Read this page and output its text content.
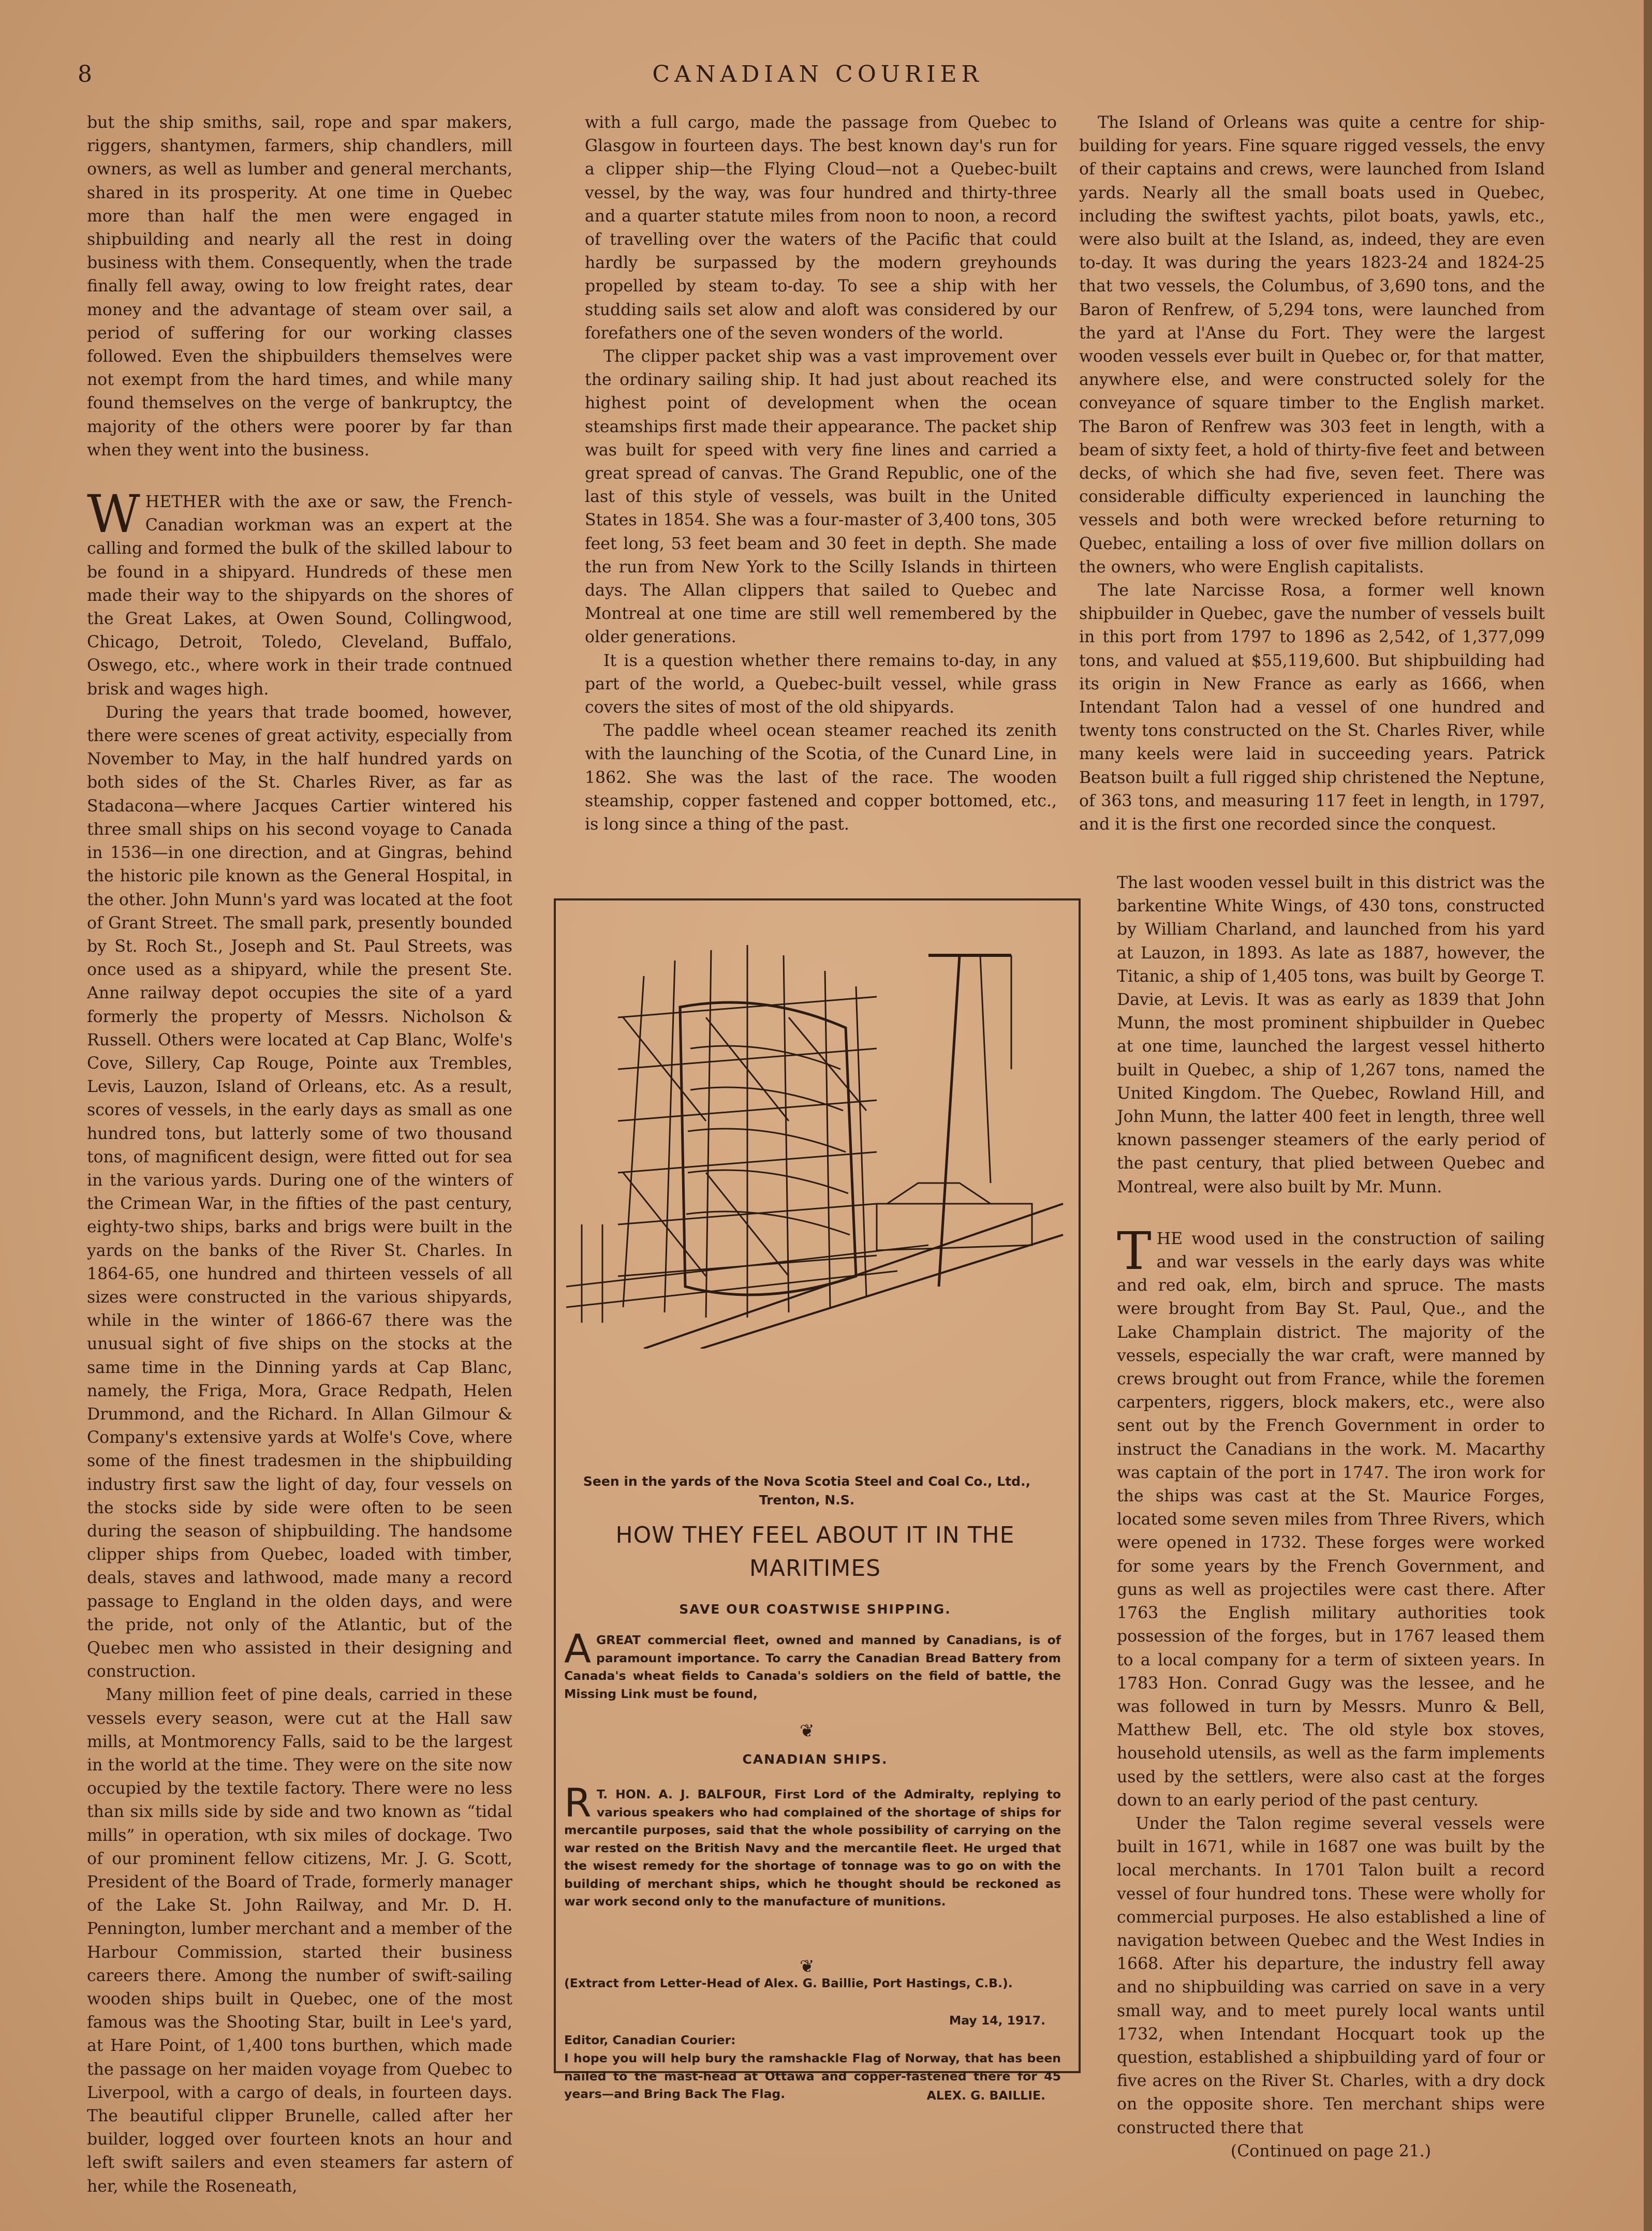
8	CANADIAN COURIER

but the ship smiths, sail, rope and spar makers, riggers, shantymen, farmers, ship chandlers, mill owners, as well as lumber and general merchants, shared in its prosperity. At one time in Quebec more than half the men were engaged in shipbuilding and nearly all the rest in doing business with them. Consequently, when the trade finally fell away, owing to low freight rates, dear money and the advantage of steam over sail, a period of suffering for our working classes followed. Even the shipbuilders themselves were not exempt from the hard times, and while many found themselves on the verge of bankruptcy, the majority of the others were poorer by far than when they went into the business.

WHETHER with the axe or saw, the French-Canadian workman was an expert at the calling and formed the bulk of the skilled labour to be found in a shipyard. Hundreds of these men made their way to the shipyards on the shores of the Great Lakes, at Owen Sound, Collingwood, Chicago, Detroit, Toledo, Cleveland, Buffalo, Oswego, etc., where work in their trade contnued brisk and wages high.

During the years that trade boomed, however, there were scenes of great activity, especially from November to May, in the half hundred yards on both sides of the St. Charles River, as far as Stadacona—where Jacques Cartier wintered his three small ships on his second voyage to Canada in 1536—in one direction, and at Gingras, behind the historic pile known as the General Hospital, in the other. John Munn's yard was located at the foot of Grant Street. The small park, presently bounded by St. Roch St., Joseph and St. Paul Streets, was once used as a shipyard, while the present Ste. Anne railway depot occupies the site of a yard formerly the property of Messrs. Nicholson & Russell. Others were located at Cap Blanc, Wolfe's Cove, Sillery, Cap Rouge, Pointe aux Trembles, Levis, Lauzon, Island of Orleans, etc. As a result, scores of vessels, in the early days as small as one hundred tons, but latterly some of two thousand tons, of magnificent design, were fitted out for sea in the various yards. During one of the winters of the Crimean War, in the fifties of the past century, eighty-two ships, barks and brigs were built in the yards on the banks of the River St. Charles. In 1864-65, one hundred and thirteen vessels of all sizes were constructed in the various shipyards, while in the winter of 1866-67 there was the unusual sight of five ships on the stocks at the same time in the Dinning yards at Cap Blanc, namely, the Friga, Mora, Grace Redpath, Helen Drummond, and the Richard. In Allan Gilmour & Company's extensive yards at Wolfe's Cove, where some of the finest tradesmen in the shipbuilding industry first saw the light of day, four vessels on the stocks side by side were often to be seen during the season of shipbuilding. The handsome clipper ships from Quebec, loaded with timber, deals, staves and lathwood, made many a record passage to England in the olden days, and were the pride, not only of the Atlantic, but of the Quebec men who assisted in their designing and construction.

Many million feet of pine deals, carried in these vessels every season, were cut at the Hall saw mills, at Montmorency Falls, said to be the largest in the world at the time. They were on the site now occupied by the textile factory. There were no less than six mills side by side and two known as “tidal mills” in operation, wth six miles of dockage. Two of our prominent fellow citizens, Mr. J. G. Scott, President of the Board of Trade, formerly manager of the Lake St. John Railway, and Mr. D. H. Pennington, lumber merchant and a member of the Harbour Commission, started their business careers there. Among the number of swift-sailing wooden ships built in Quebec, one of the most famous was the Shooting Star, built in Lee's yard, at Hare Point, of 1,400 tons burthen, which made the passage on her maiden voyage from Quebec to Liverpool, with a cargo of deals, in fourteen days. The beautiful clipper Brunelle, called after her builder, logged over fourteen knots an hour and left swift sailers and even steamers far astern of her, while the Roseneath,

with a full cargo, made the passage from Quebec to Glasgow in fourteen days. The best known day's run for a clipper ship—the Flying Cloud—not a Quebec-built vessel, by the way, was four hundred and thirty-three and a quarter statute miles from noon to noon, a record of travelling over the waters of the Pacific that could hardly be surpassed by the modern greyhounds propelled by steam to-day. To see a ship with her studding sails set alow and aloft was considered by our forefathers one of the seven wonders of the world.

The clipper packet ship was a vast improvement over the ordinary sailing ship. It had just about reached its highest point of development when the ocean steamships first made their appearance. The packet ship was built for speed with very fine lines and carried a great spread of canvas. The Grand Republic, one of the last of this style of vessels, was built in the United States in 1854. She was a four-master of 3,400 tons, 305 feet long, 53 feet beam and 30 feet in depth. She made the run from New York to the Scilly Islands in thirteen days. The Allan clippers that sailed to Quebec and Montreal at one time are still well remembered by the older generations.

It is a question whether there remains to-day, in any part of the world, a Quebec-built vessel, while grass covers the sites of most of the old shipyards.

The paddle wheel ocean steamer reached its zenith with the launching of the Scotia, of the Cunard Line, in 1862. She was the last of the race. The wooden steamship, copper fastened and copper bottomed, etc., is long since a thing of the past.

The Island of Orleans was quite a centre for ship-building for years. Fine square rigged vessels, the envy of their captains and crews, were launched from Island yards. Nearly all the small boats used in Quebec, including the swiftest yachts, pilot boats, yawls, etc., were also built at the Island, as, indeed, they are even to-day. It was during the years 1823-24 and 1824-25 that two vessels, the Columbus, of 3,690 tons, and the Baron of Renfrew, of 5,294 tons, were launched from the yard at l'Anse du Fort. They were the largest wooden vessels ever built in Quebec or, for that matter, anywhere else, and were constructed solely for the conveyance of square timber to the English market. The Baron of Renfrew was 303 feet in length, with a beam of sixty feet, a hold of thirty-five feet and between decks, of which she had five, seven feet. There was considerable difficulty experienced in launching the vessels and both were wrecked before returning to Quebec, entailing a loss of over five million dollars on the owners, who were English capitalists.

The late Narcisse Rosa, a former well known shipbuilder in Quebec, gave the number of vessels built in this port from 1797 to 1896 as 2,542, of 1,377,099 tons, and valued at $55,119,600. But shipbuilding had its origin in New France as early as 1666, when Intendant Talon had a vessel of one hundred and twenty tons constructed on the St. Charles River, while many keels were laid in succeeding years. Patrick Beatson built a full rigged ship christened the Neptune, of 363 tons, and measuring 117 feet in length, in 1797, and it is the first one recorded since the conquest.

The last wooden vessel built in this district was the barkentine White Wings, of 430 tons, constructed by William Charland, and launched from his yard at Lauzon, in 1893. As late as 1887, however, the Titanic, a ship of 1,405 tons, was built by George T. Davie, at Levis. It was as early as 1839 that John Munn, the most prominent shipbuilder in Quebec at one time, launched the largest vessel hitherto built in Quebec, a ship of 1,267 tons, named the United Kingdom. The Quebec, Rowland Hill, and John Munn, the latter 400 feet in length, three well known passenger steamers of the early period of the past century, that plied between Quebec and Montreal, were also built by Mr. Munn.

THE wood used in the construction of sailing and war vessels in the early days was white and red oak, elm, birch and spruce. The masts were brought from Bay St. Paul, Que., and the Lake Champlain district. The majority of the vessels, especially the war craft, were manned by crews brought out from France, while the foremen carpenters, riggers, block makers, etc., were also sent out by the French Government in order to instruct the Canadians in the work. M. Macarthy was captain of the port in 1747. The iron work for the ships was cast at the St. Maurice Forges, located some seven miles from Three Rivers, which were opened in 1732. These forges were worked for some years by the French Government, and guns as well as projectiles were cast there. After 1763 the English military authorities took possession of the forges, but in 1767 leased them to a local company for a term of sixteen years. In 1783 Hon. Conrad Gugy was the lessee, and he was followed in turn by Messrs. Munro & Bell, Matthew Bell, etc. The old style box stoves, household utensils, as well as the farm implements used by the settlers, were also cast at the forges down to an early period of the past century.

Under the Talon regime several vessels were built in 1671, while in 1687 one was built by the local merchants. In 1701 Talon built a record vessel of four hundred tons. These were wholly for commercial purposes. He also established a line of navigation between Quebec and the West Indies in 1668. After his departure, the industry fell away and no shipbuilding was carried on save in a very small way, and to meet purely local wants until 1732, when Intendant Hocquart took up the question, established a shipbuilding yard of four or five acres on the River St. Charles, with a dry dock on the opposite shore. Ten merchant ships were constructed there that

(Continued on page 21.)

Seen in the yards of the Nova Scotia Steel and Coal Co., Ltd., Trenton, N.S.
HOW THEY FEEL ABOUT IT IN THE MARITIMES
SAVE OUR COASTWISE SHIPPING.
AGREAT commercial fleet, owned and manned by Canadians, is of paramount importance. To carry the Canadian Bread Battery from Canada's wheat fields to Canada's soldiers on the field of battle, the Missing Link must be found,
❦
CANADIAN SHIPS.
R T. HON. A. J. BALFOUR, First Lord of the Admiralty, replying to various speakers who had complained of the shortage of ships for mercantile purposes, said that the whole possibility of carrying on the war rested on the British Navy and the mercantile fleet. He urged that the wisest remedy for the shortage of tonnage was to go on with the building of merchant ships, which he thought should be reckoned as war work second only to the manufacture of munitions.
❦
(Extract from Letter-Head of Alex. G. Baillie, Port Hastings, C.B.).
May 14, 1917.
Editor, Canadian Courier:
I hope you will help bury the ramshackle Flag of Norway, that has been nailed to the mast-head at Ottawa and copper-fastened there for 45 years—and Bring Back The Flag.	ALEX. G. BAILLIE.
